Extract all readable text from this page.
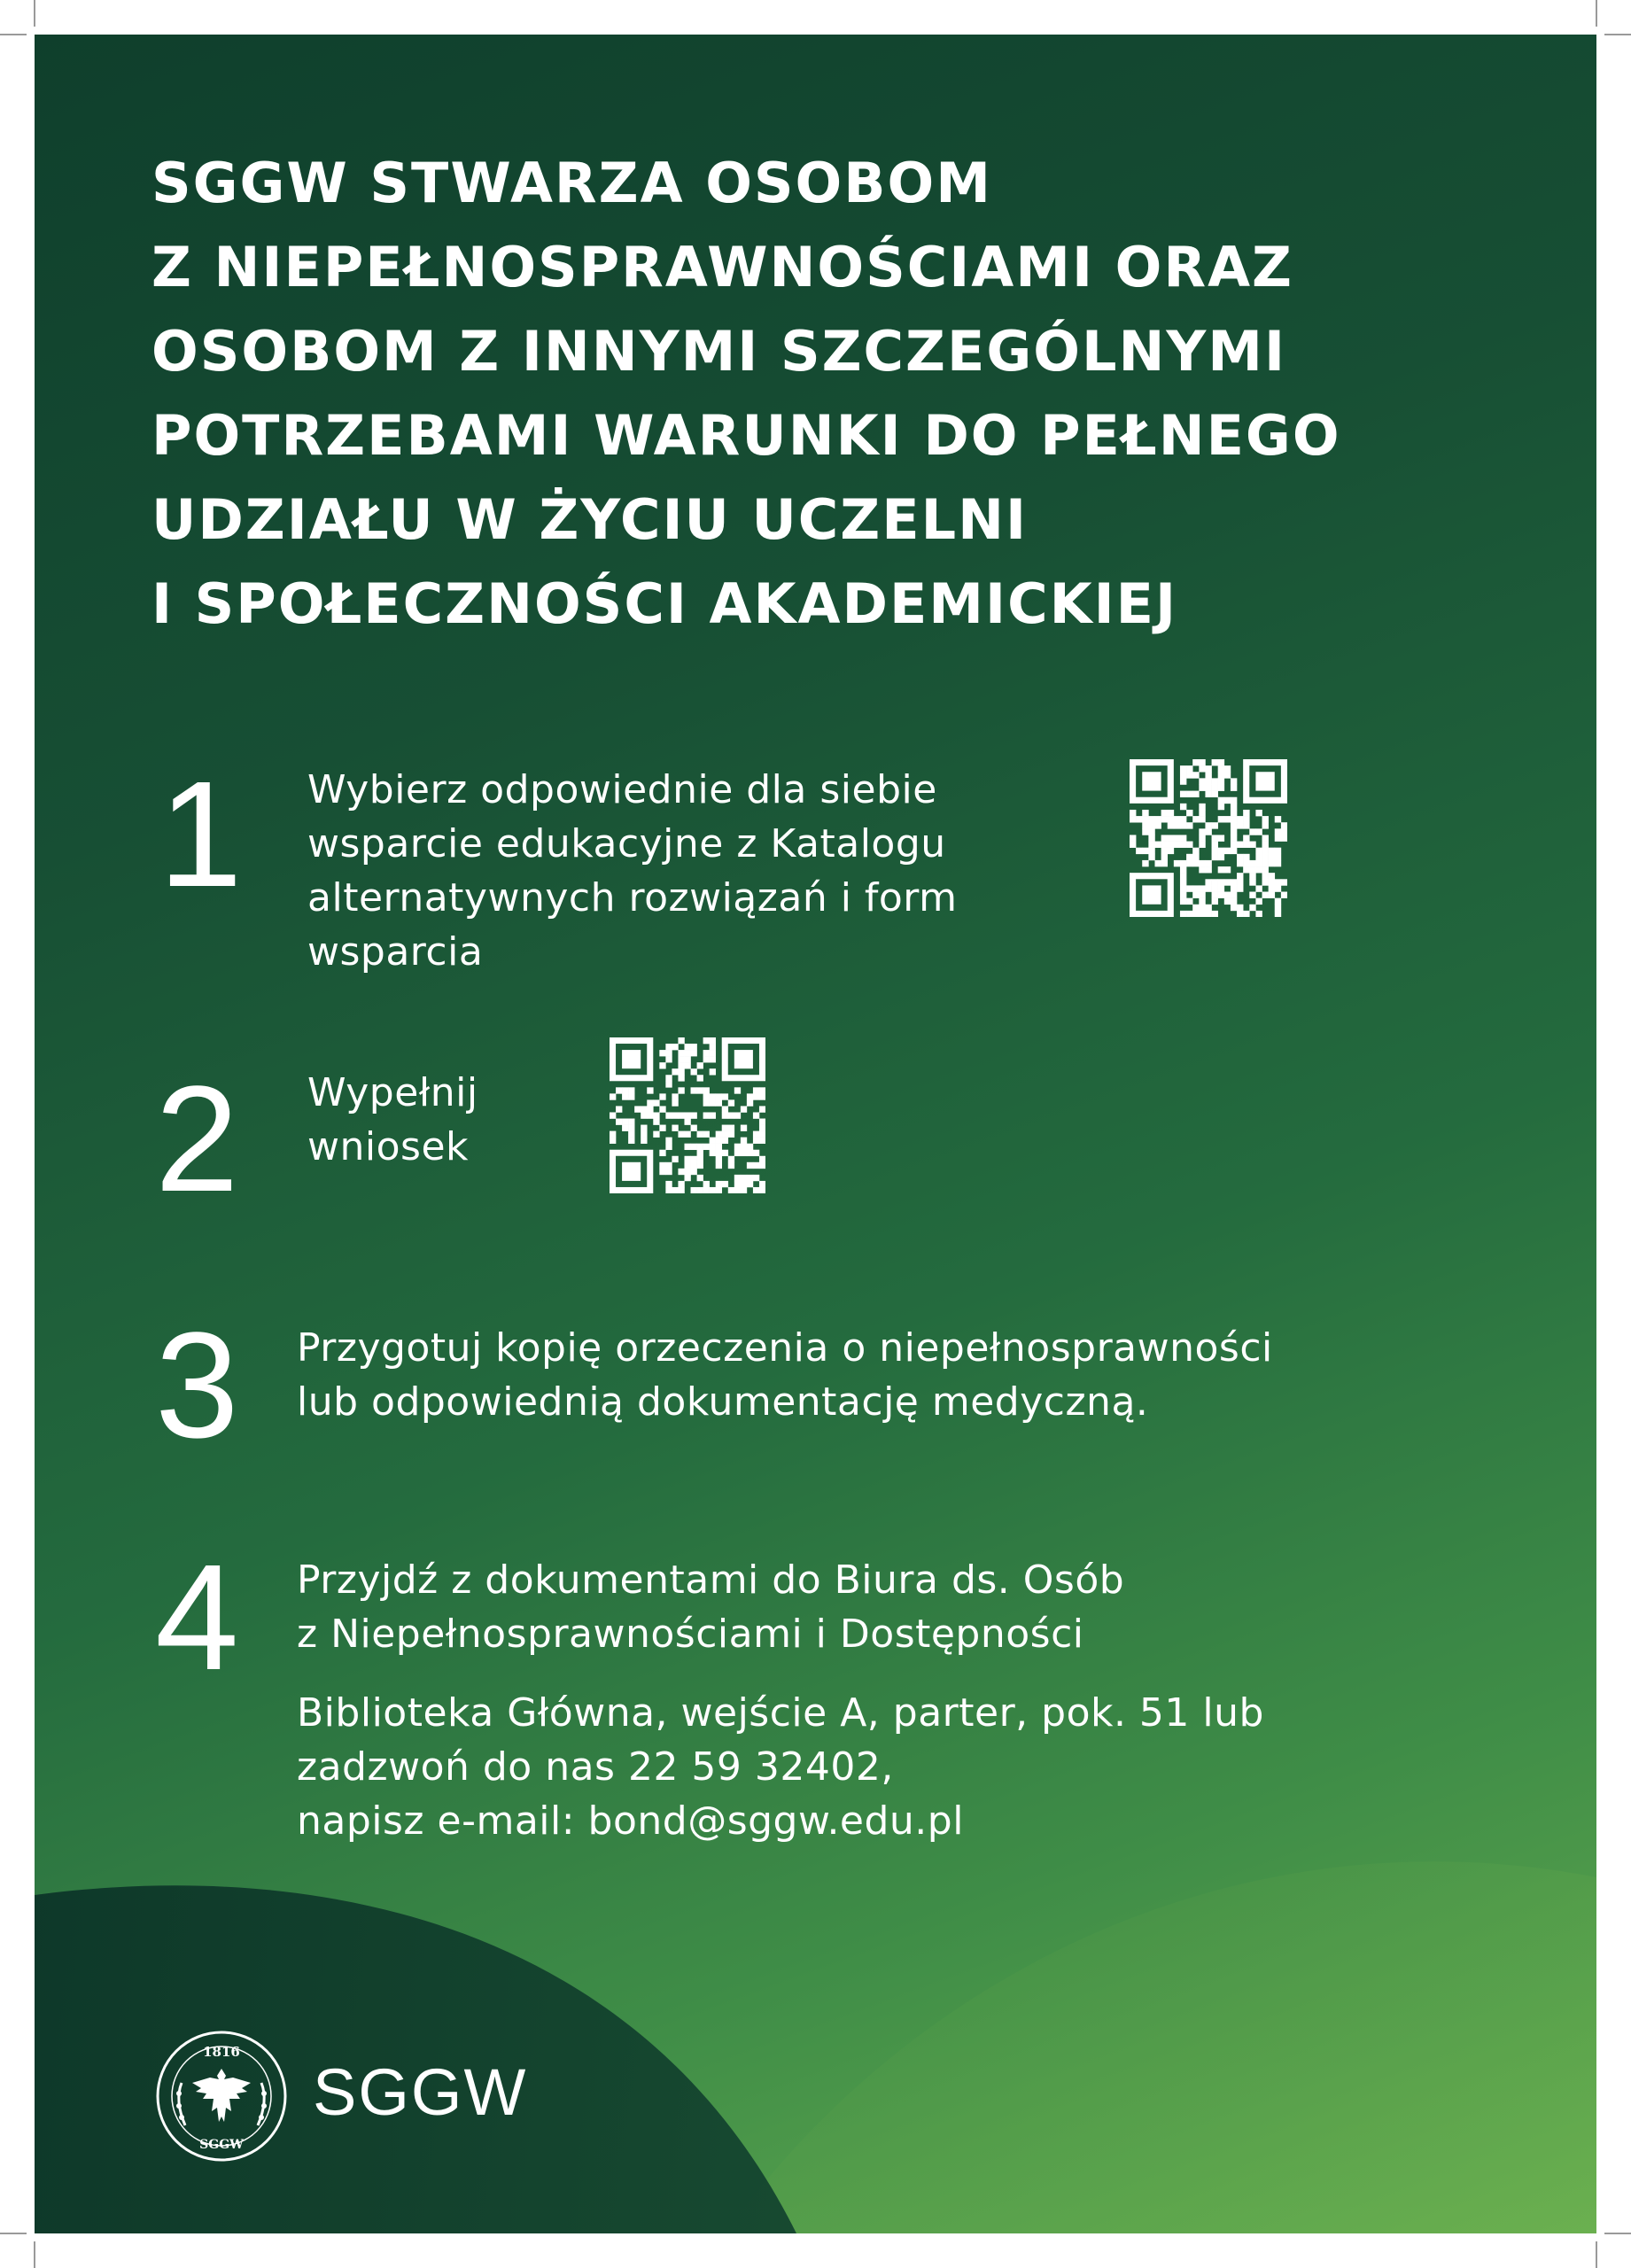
SGGW STWARZA OSOBOM
Z NIEPEŁNOSPRAWNOŚCIAMI ORAZ
OSOBOM Z INNYMI SZCZEGÓLNYMI
POTRZEBAMI WARUNKI DO PEŁNEGO
UDZIAŁU W ŻYCIU UCZELNI
I SPOŁECZNOŚCI AKADEMICKIEJ
1 Wybierz odpowiednie dla siebie
wsparcie edukacyjne z Katalogu
alternatywnych rozwiązań i form
wsparcia
2 Wypełnij
wniosek
3 Przygotuj kopię orzeczenia o niepełnosprawności
lub odpowiednią dokumentację medyczną.
4 Przyjdź z dokumentami do Biura ds. Osób
z Niepełnosprawnościami i Dostępności
Biblioteka Główna, wejście A, parter, pok. 51 lub
zadzwoń do nas 22 59 32402,
napisz e-mail: bond@sggw.edu.pl
1816
SGGW
SGGW
